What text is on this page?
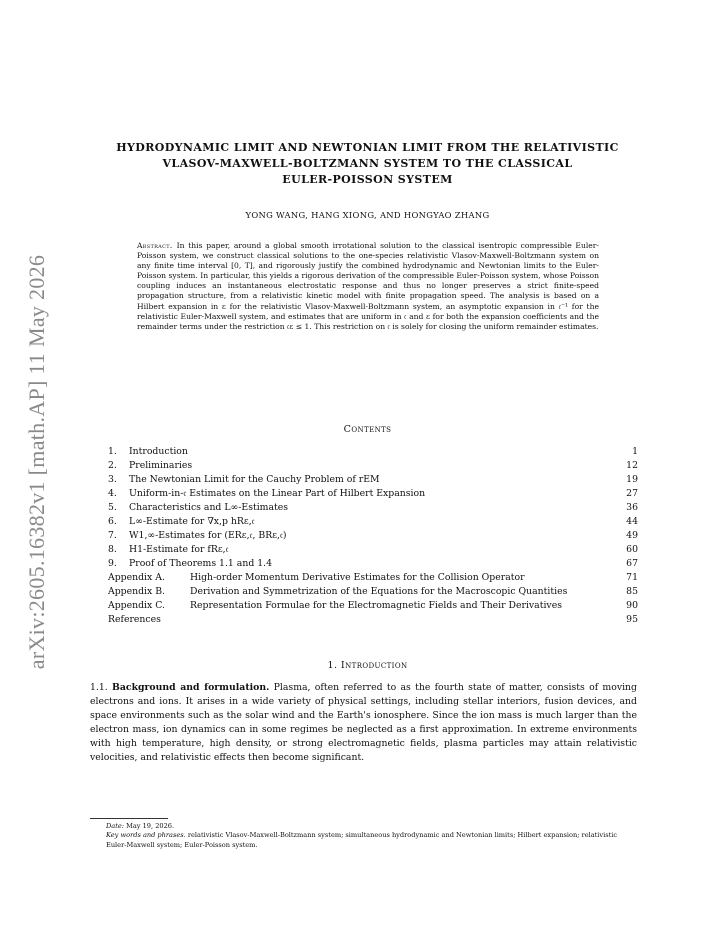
arXiv:2605.16382v1 [math.AP] 11 May 2026
HYDRODYNAMIC LIMIT AND NEWTONIAN LIMIT FROM THE RELATIVISTIC
VLASOV-MAXWELL-BOLTZMANN SYSTEM TO THE CLASSICAL
EULER-POISSON SYSTEM
YONG WANG, HANG XIONG, AND HONGYAO ZHANG
Abstract. In this paper, around a global smooth irrotational solution to the classical isentropic compressible Euler-Poisson system, we construct classical solutions to the one-species relativistic Vlasov-Maxwell-Boltzmann system on any finite time interval [0, T], and rigorously justify the combined hydrodynamic and Newtonian limits to the Euler-Poisson system. In particular, this yields a rigorous derivation of the compressible Euler-Poisson system, whose Poisson coupling induces an instantaneous electrostatic response and thus no longer preserves a strict finite-speed propagation structure, from a relativistic kinetic model with finite propagation speed. The analysis is based on a Hilbert expansion in ε for the relativistic Vlasov-Maxwell-Boltzmann system, an asymptotic expansion in 𝔠⁻¹ for the relativistic Euler-Maxwell system, and estimates that are uniform in 𝔠 and ε for both the expansion coefficients and the remainder terms under the restriction 𝔠ε ≤ 1. This restriction on 𝔠 is solely for closing the uniform remainder estimates.
Contents
1.	Introduction	1
2.	Preliminaries	12
3.	The Newtonian Limit for the Cauchy Problem of rEM	19
4.	Uniform-in-𝔠 Estimates on the Linear Part of Hilbert Expansion	27
5.	Characteristics and L∞-Estimates	36
6.	L∞-Estimate for ∇x,p hRε,𝔠	44
7.	W1,∞-Estimates for (ERε,𝔠, BRε,𝔠)	49
8.	H1-Estimate for fRε,𝔠	60
9.	Proof of Theorems 1.1 and 1.4	67
Appendix A.	High-order Momentum Derivative Estimates for the Collision Operator	71
Appendix B.	Derivation and Symmetrization of the Equations for the Macroscopic Quantities	85
Appendix C.	Representation Formulae for the Electromagnetic Fields and Their Derivatives	90
References	95
1. Introduction
1.1. Background and formulation. Plasma, often referred to as the fourth state of matter, consists of moving electrons and ions. It arises in a wide variety of physical settings, including stellar interiors, fusion devices, and space environments such as the solar wind and the Earth's ionosphere. Since the ion mass is much larger than the electron mass, ion dynamics can in some regimes be neglected as a first approximation. In extreme environments with high temperature, high density, or strong electromagnetic fields, plasma particles may attain relativistic velocities, and relativistic effects then become significant.
Date: May 19, 2026.
Key words and phrases. relativistic Vlasov-Maxwell-Boltzmann system; simultaneous hydrodynamic and Newtonian limits; Hilbert expansion; relativistic Euler-Maxwell system; Euler-Poisson system.
